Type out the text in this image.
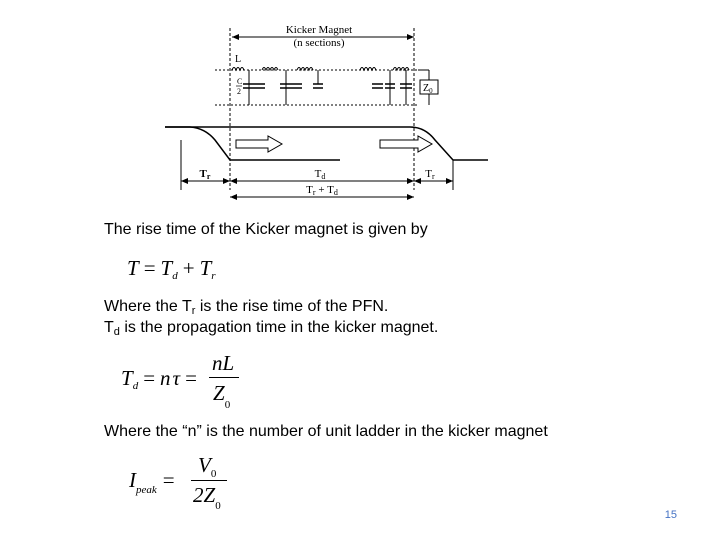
Kicker Magnet
(n sections)
$Z_0$
L
C
2
Tr	Td	Tr
Tr + Td
The rise time of the Kicker magnet is given by
$T = T_d + T_r$
Where the Tr is the rise time of the PFN.
Td is the propagation time in the kicker magnet.
$T_d = n\tau$ =
nL
$Z_0$
Where the “n” is the number of unit ladder in the kicker magnet
$I_{peak}$ =
$V_0$
$2Z_0$
15
